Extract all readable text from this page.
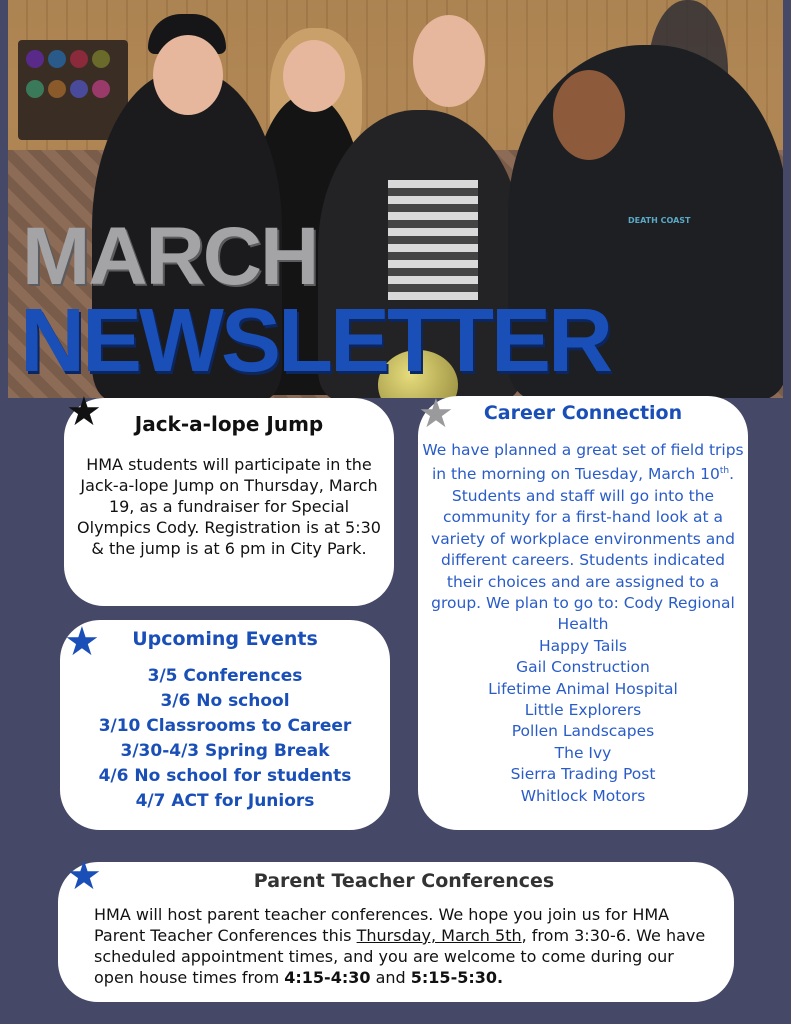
DEATH COAST
MARCH
NEWSLETTER
Jack-a-lope Jump

HMA students will participate in the Jack-a-lope Jump on Thursday, March 19, as a fundraiser for Special Olympics Cody. Registration is at 5:30 & the jump is at 6 pm in City Park.

★
Upcoming Events
3/5 Conferences
3/6 No school
3/10 Classrooms to Career
3/30-4/3 Spring Break
4/6 No school for students
4/7 ACT for Juniors
★
Career Connection

We have planned a great set of field trips in the morning on Tuesday, March 10th. Students and staff will go into the community for a first-hand look at a variety of workplace environments and different careers. Students indicated their choices and are assigned to a group. We plan to go to: Cody Regional Health

Happy Tails
Gail Construction
Lifetime Animal Hospital
Little Explorers
Pollen Landscapes
The Ivy
Sierra Trading Post
Whitlock Motors
★
Parent Teacher Conferences

HMA will host parent teacher conferences. We hope you join us for HMA Parent Teacher Conferences this Thursday, March 5th, from 3:30-6. We have scheduled appointment times, and you are welcome to come during our open house times from 4:15-4:30 and 5:15-5:30.

★
